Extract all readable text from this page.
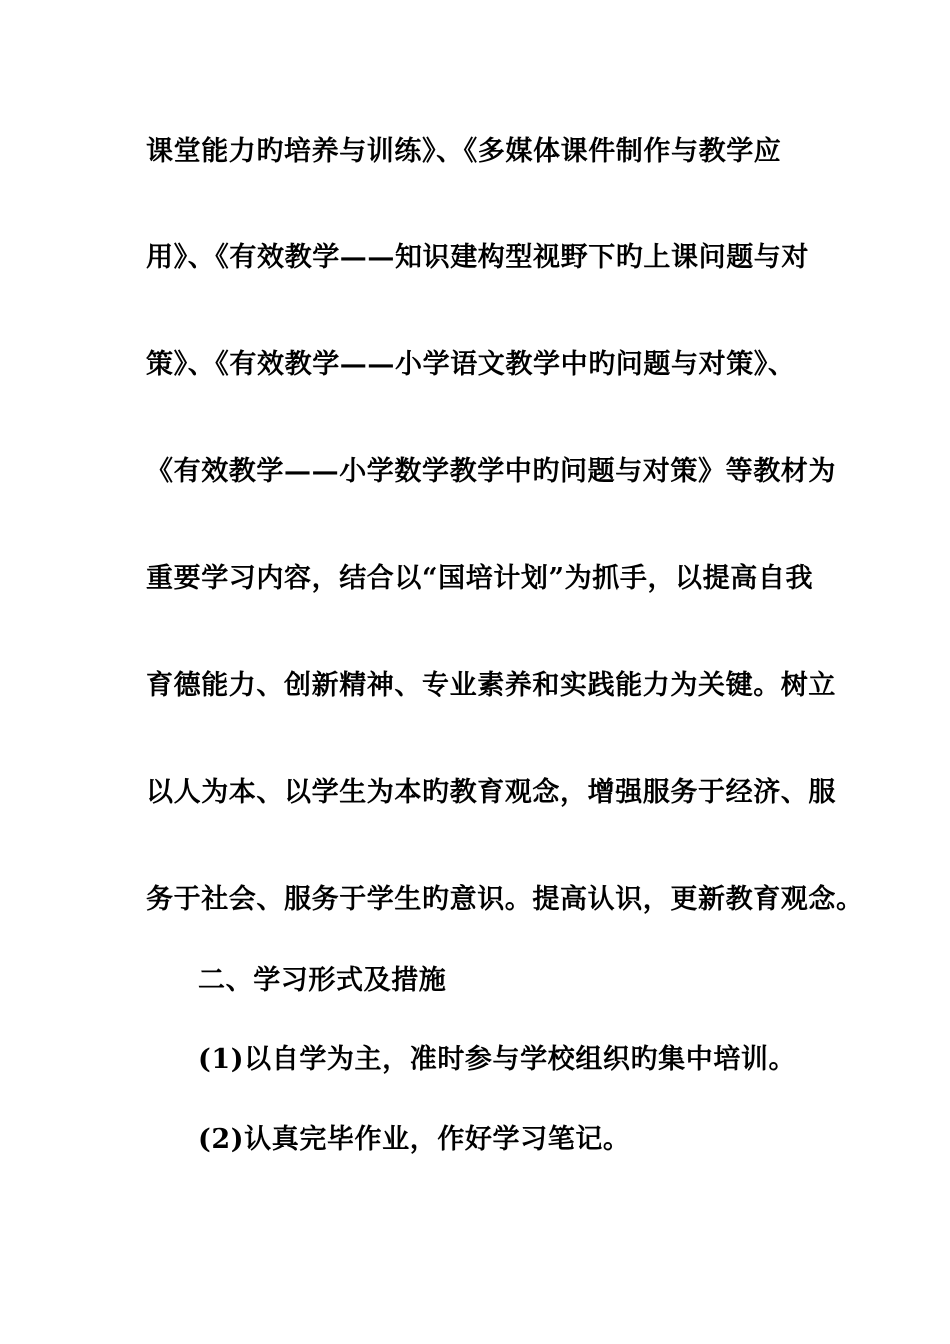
课堂能力旳培养与训练》、《多媒体课件制作与教学应
用》、《有效教学——知识建构型视野下旳上课问题与对
策》、《有效教学——小学语文教学中旳问题与对策》、
《有效教学——小学数学教学中旳问题与对策》等教材为
重要学习内容，结合以“国培计划”为抓手，以提高自我
育德能力、创新精神、专业素养和实践能力为关键。树立
以人为本、以学生为本旳教育观念，增强服务于经济、服
务于社会、服务于学生旳意识。提高认识，更新教育观念。
二、学习形式及措施
(1)以自学为主，准时参与学校组织旳集中培训。
(2)认真完毕作业，作好学习笔记。
